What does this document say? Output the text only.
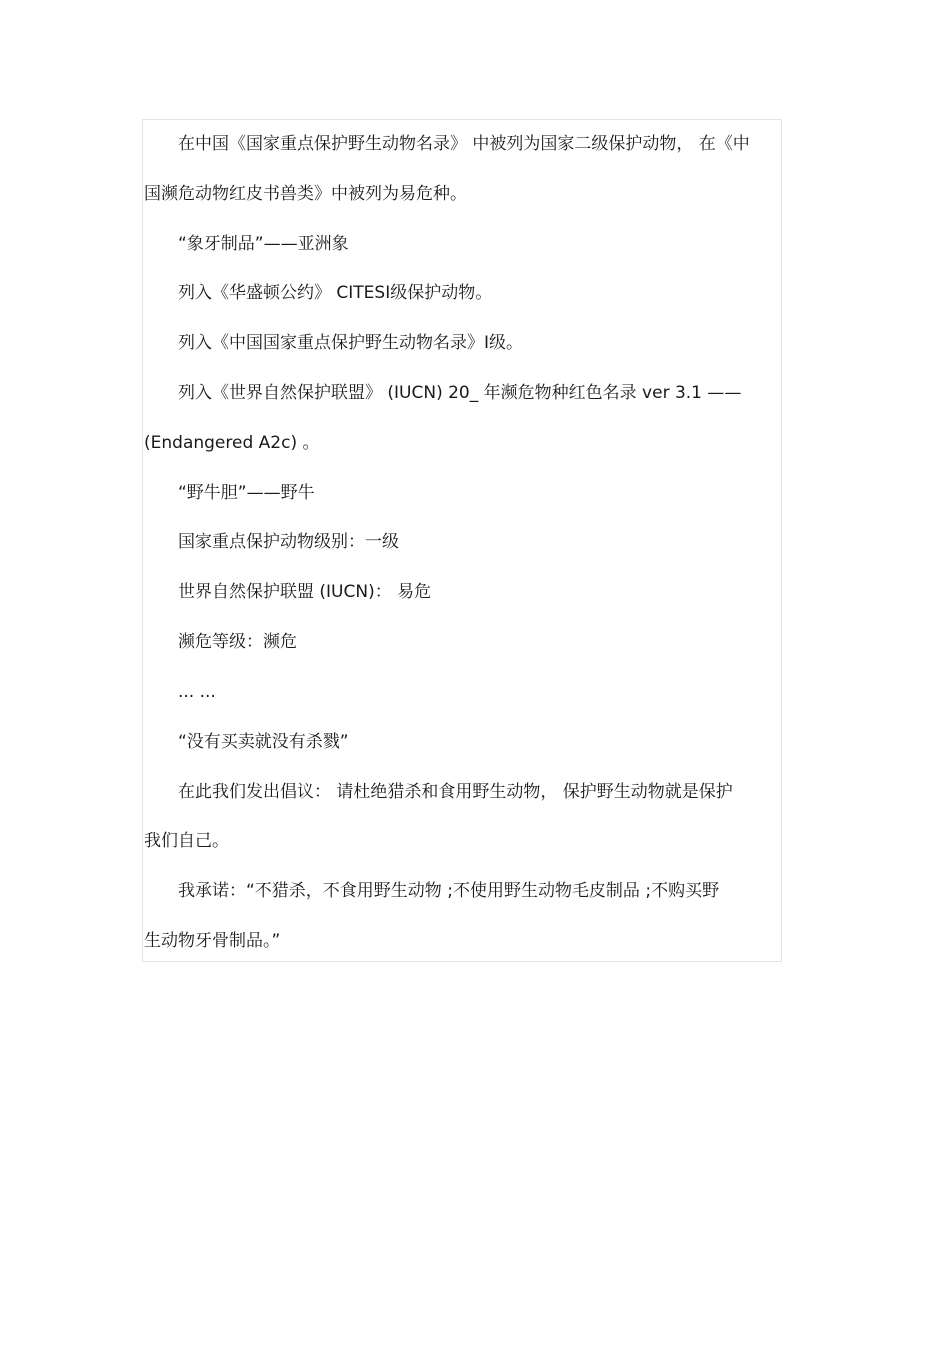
在中国《国家重点保护野生动物名录》 中被列为国家二级保护动物， 在《中
国濒危动物红皮书兽类》中被列为易危种。
“象牙制品”——亚洲象
列入《华盛顿公约》 CITESⅠ级保护动物。
列入《中国国家重点保护野生动物名录》Ⅰ级。
列入《世界自然保护联盟》 (IUCN) 20_ 年濒危物种红色名录 ver 3.1 ——
(Endangered A2c) 。
“野牛胆”——野牛
国家重点保护动物级别：一级
世界自然保护联盟 (IUCN)： 易危
濒危等级：濒危
... ...
“没有买卖就没有杀戮”
在此我们发出倡议： 请杜绝猎杀和食用野生动物， 保护野生动物就是保护
我们自己。
我承诺：“不猎杀，不食用野生动物 ;不使用野生动物毛皮制品 ;不购买野
生动物牙骨制品。”
